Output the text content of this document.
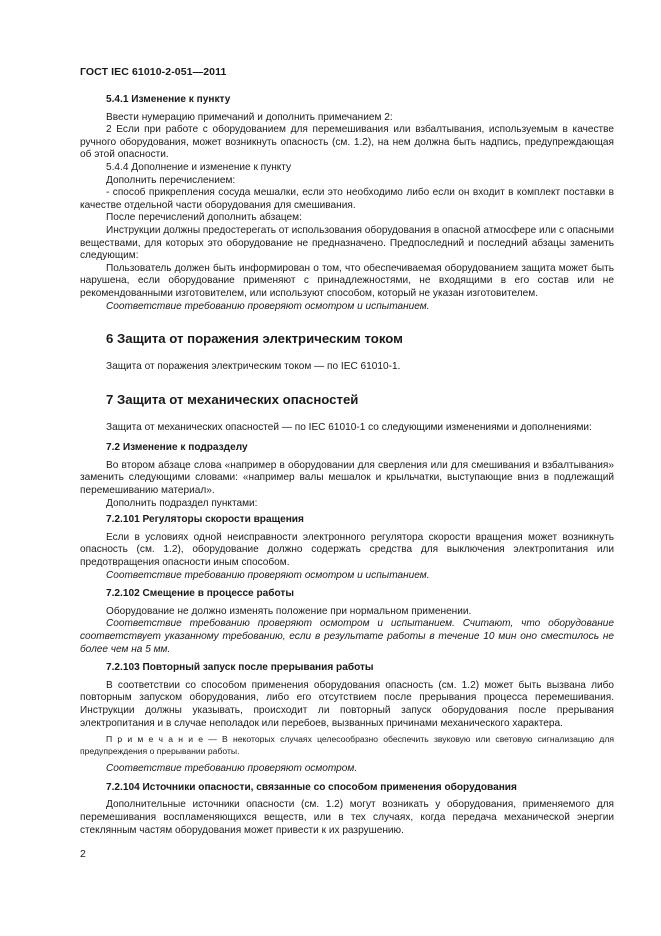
ГОСТ IEC 61010-2-051—2011
5.4.1 Изменение к пункту

Ввести нумерацию примечаний и дополнить примечанием 2:

2 Если при работе с оборудованием для перемешивания или взбалтывания, используемым в качестве ручного оборудования, может возникнуть опасность (см. 1.2), на нем должна быть надпись, предупреждающая об этой опасности.

5.4.4 Дополнение и изменение к пункту

Дополнить перечислением:

- способ прикрепления сосуда мешалки, если это необходимо либо если он входит в комплект поставки в качестве отдельной части оборудования для смешивания.

После перечислений дополнить абзацем:

Инструкции должны предостерегать от использования оборудования в опасной атмосфере или с опасными веществами, для которых это оборудование не предназначено. Предпоследний и последний абзацы заменить следующим:

Пользователь должен быть информирован о том, что обеспечиваемая оборудованием защита может быть нарушена, если оборудование применяют с принадлежностями, не входящими в его состав или не рекомендованными изготовителем, или используют способом, который не указан изготовителем.

Соответствие требованию проверяют осмотром и испытанием.

6 Защита от поражения электрическим током

Защита от поражения электрическим током — по IEC 61010-1.

7 Защита от механических опасностей

Защита от механических опасностей — по IEC 61010-1 со следующими изменениями и дополнениями:

7.2 Изменение к подразделу

Во втором абзаце слова «например в оборудовании для сверления или для смешивания и взбалтывания» заменить следующими словами: «например валы мешалок и крыльчатки, выступающие вниз в подлежащий перемешиванию материал».

Дополнить подраздел пунктами:

7.2.101 Регуляторы скорости вращения

Если в условиях одной неисправности электронного регулятора скорости вращения может возникнуть опасность (см. 1.2), оборудование должно содержать средства для выключения электропитания или предотвращения опасности иным способом.

Соответствие требованию проверяют осмотром и испытанием.

7.2.102 Смещение в процессе работы

Оборудование не должно изменять положение при нормальном применении.

Соответствие требованию проверяют осмотром и испытанием. Считают, что оборудование соответствует указанному требованию, если в результате работы в течение 10 мин оно сместилось не более чем на 5 мм.

7.2.103 Повторный запуск после прерывания работы

В соответствии со способом применения оборудования опасность (см. 1.2) может быть вызвана либо повторным запуском оборудования, либо его отсутствием после прерывания процесса перемешивания. Инструкции должны указывать, происходит ли повторный запуск оборудования после прерывания электропитания и в случае неполадок или перебоев, вызванных причинами механического характера.

П р и м е ч а н и е — В некоторых случаях целесообразно обеспечить звуковую или световую сигнализацию для предупреждения о прерывании работы.

Соответствие требованию проверяют осмотром.

7.2.104 Источники опасности, связанные со способом применения оборудования

Дополнительные источники опасности (см. 1.2) могут возникать у оборудования, применяемого для перемешивания воспламеняющихся веществ, или в тех случаях, когда передача механической энергии стеклянным частям оборудования может привести к их разрушению.

2
